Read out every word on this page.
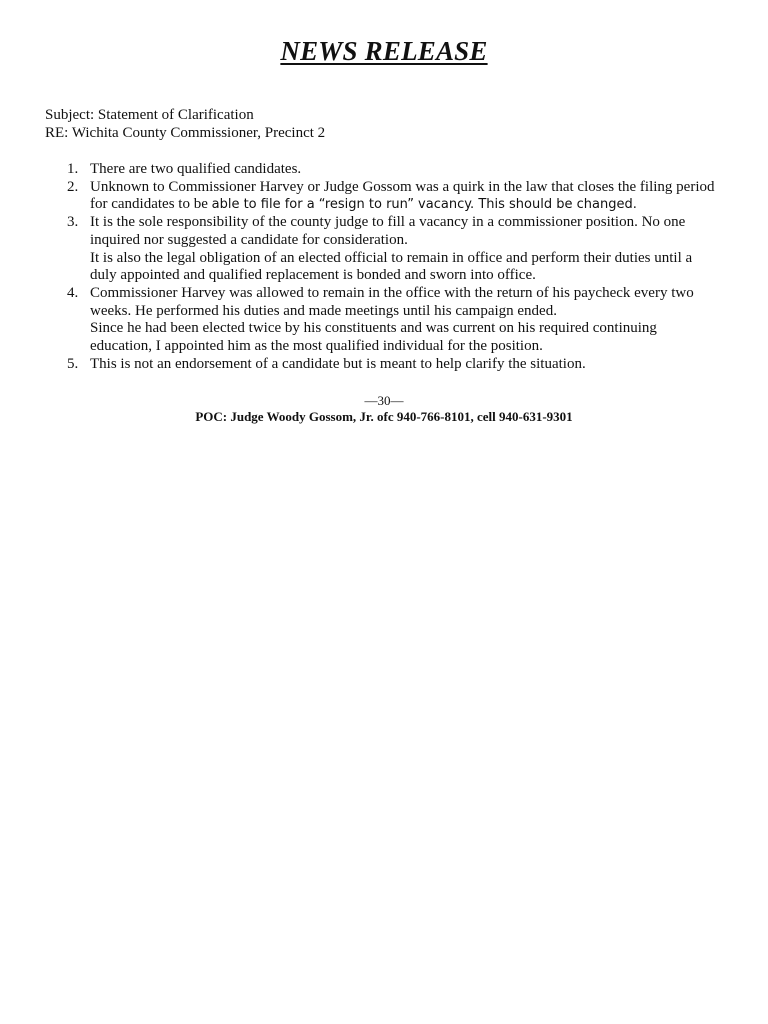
NEWS RELEASE
Subject: Statement of Clarification
RE: Wichita County Commissioner, Precinct 2
1. There are two qualified candidates.
2. Unknown to Commissioner Harvey or Judge Gossom was a quirk in the law that closes the filing period
for candidates to be able to file for a “resign to run” vacancy. This should be changed.
3. It is the sole responsibility of the county judge to fill a vacancy in a commissioner position. No one
inquired nor suggested a candidate for consideration.
It is also the legal obligation of an elected official to remain in office and perform their duties until a
duly appointed and qualified replacement is bonded and sworn into office.
4. Commissioner Harvey was allowed to remain in the office with the return of his paycheck every two
weeks. He performed his duties and made meetings until his campaign ended.
Since he had been elected twice by his constituents and was current on his required continuing
education, I appointed him as the most qualified individual for the position.
5. This is not an endorsement of a candidate but is meant to help clarify the situation.
—30—
POC: Judge Woody Gossom, Jr. ofc 940-766-8101, cell 940-631-9301
